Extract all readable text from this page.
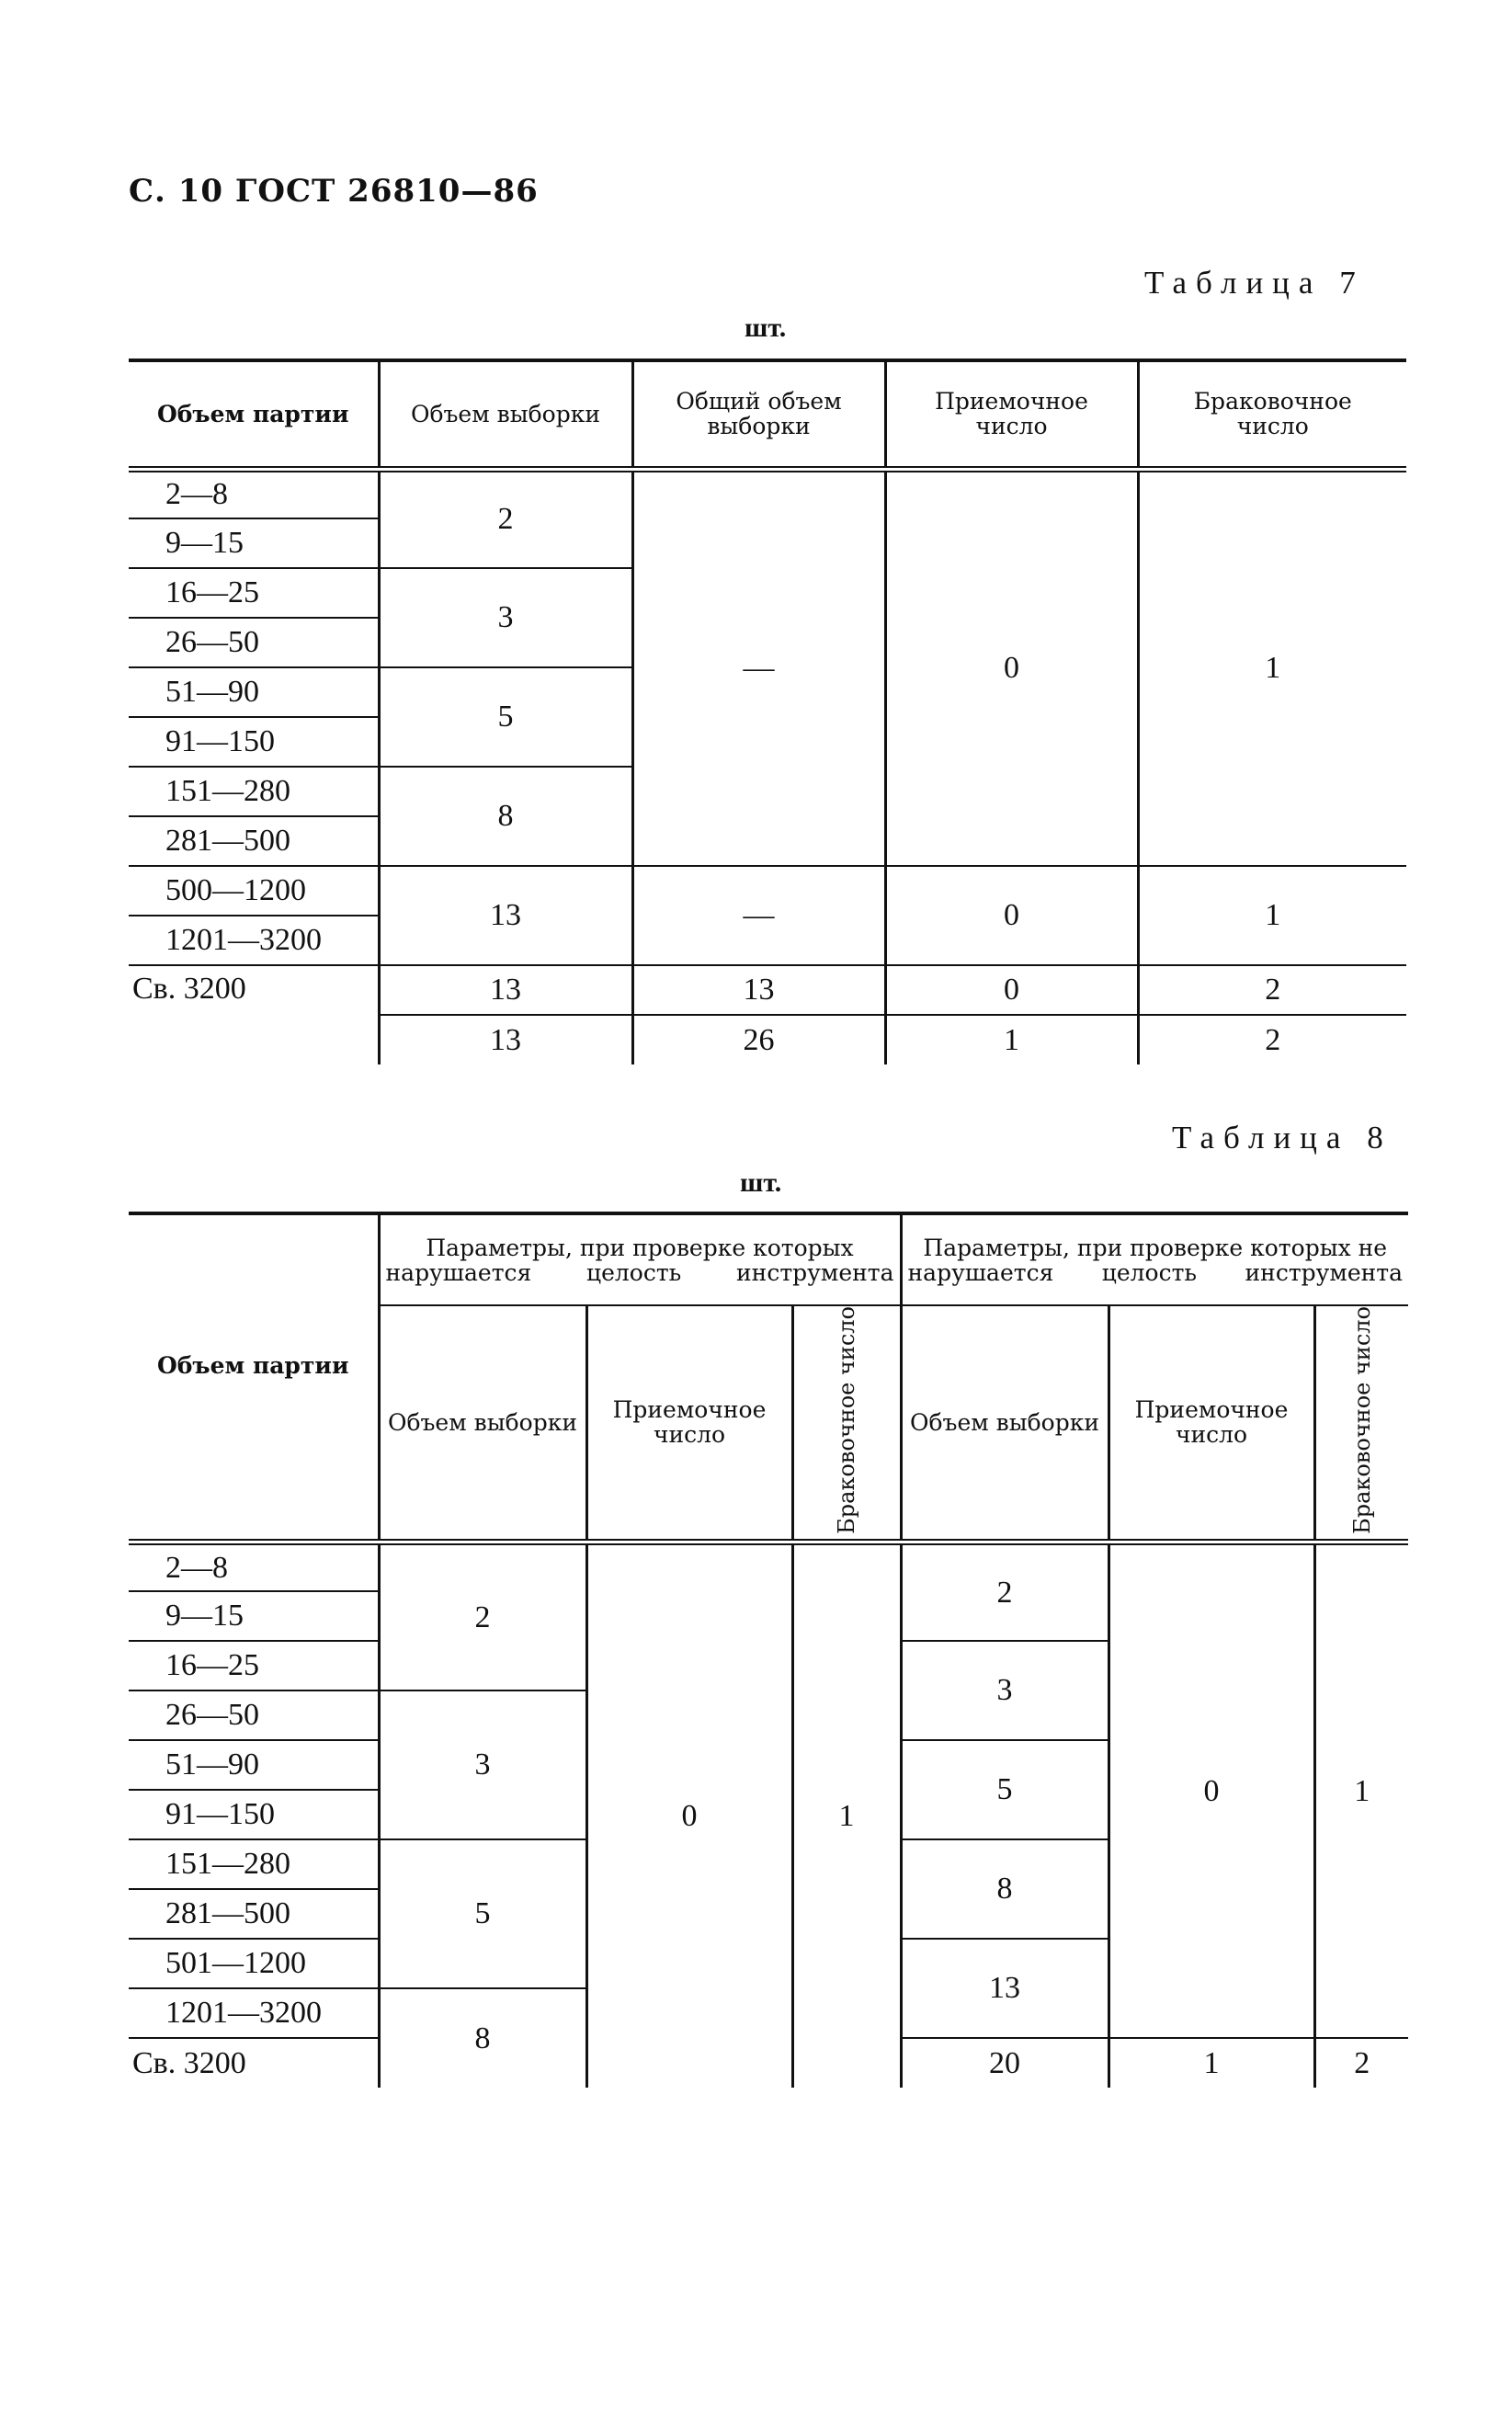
С. 10 ГОСТ 26810—86
Таблица 7
шт.
Объем партии	Объем выборки	Общий объем выборки	Приемочное число	Браковочное число
2—8	2	—	0	1
9—15				
16—25	3			
26—50				
51—90	5			
91—150				
151—280	8			
281—500				
500—1200	13	—	0	1
1201—3200				
Св. 3200	13	13	0	2
	13	26	1	2
Таблица 8
шт.
Объем партии	Параметры, при проверке которых нарушается целость инструмента			Параметры, при проверке которых не нарушается целость инструмента		
	Объем выборки	Приемочное число	Браковочное число	Объем выборки	Приемочное число	Браковочное число
2—8	2	0	1	2	0	1
9—15						
16—25				3		
26—50	3					
51—90				5		
91—150						
151—280	5			8		
281—500						
501—1200				13		
1201—3200	8					
Св. 3200				20	1	2
